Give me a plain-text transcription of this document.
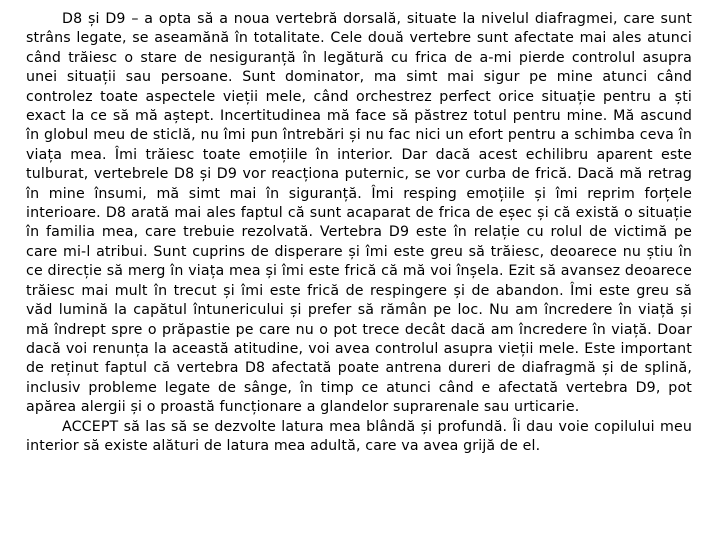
D8 și D9 – a opta să a noua vertebră dorsală, situate la nivelul diafragmei, care sunt strâns legate, se aseamănă în totalitate. Cele două vertebre sunt afectate mai ales atunci când trăiesc o stare de nesiguranță în legătură cu frica de a-mi pierde controlul asupra unei situații sau persoane. Sunt dominator, ma simt mai sigur pe mine atunci când controlez toate aspectele vieții mele, când orchestrez perfect orice situație pentru a ști exact la ce să mă aștept. Incertitudinea mă face să păstrez totul pentru mine. Mă ascund în globul meu de sticlă, nu îmi pun întrebări și nu fac nici un efort pentru a schimba ceva în viața mea. Îmi trăiesc toate emoțiile în interior. Dar dacă acest echilibru aparent este tulburat, vertebrele D8 și D9 vor reacționa puternic, se vor curba de frică. Dacă mă retrag în mine însumi, mă simt mai în siguranță. Îmi resping emoțiile și îmi reprim forțele interioare. D8 arată mai ales faptul că sunt acaparat de frica de eșec și că există o situație în familia mea, care trebuie rezolvată. Vertebra D9 este în relație cu rolul de victimă pe care mi-l atribui. Sunt cuprins de disperare și îmi este greu să trăiesc, deoarece nu știu în ce direcție să merg în viața mea și îmi este frică că mă voi înșela. Ezit să avansez deoarece trăiesc mai mult în trecut și îmi este frică de respingere și de abandon. Îmi este greu să văd lumină la capătul întunericului și prefer să rămân pe loc. Nu am încredere în viață și mă îndrept spre o prăpastie pe care nu o pot trece decât dacă am încredere în viață. Doar dacă voi renunța la această atitudine, voi avea controlul asupra vieții mele. Este important de reținut faptul că vertebra D8 afectată poate antrena dureri de diafragmă și de splină, inclusiv probleme legate de sânge, în timp ce atunci când e afectată vertebra D9, pot apărea alergii și o proastă funcționare a glandelor suprarenale sau urticarie.

ACCEPT să las să se dezvolte latura mea blândă și profundă. Îi dau voie copilului meu interior să existe alături de latura mea adultă, care va avea grijă de el.
